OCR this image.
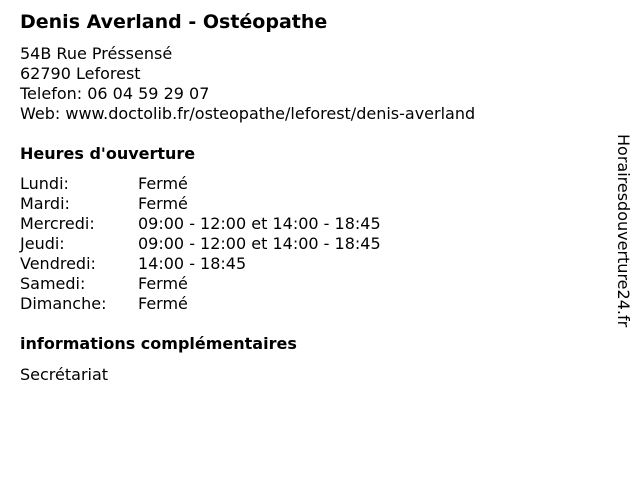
Denis Averland - Ostéopathe
54B Rue Préssensé
62790 Leforest
Telefon: 06 04 59 29 07
Web: www.doctolib.fr/osteopathe/leforest/denis-averland
Heures d'ouverture
Lundi:	Fermé
Mardi:	Fermé
Mercredi:	09:00 - 12:00 et 14:00 - 18:45
Jeudi:	09:00 - 12:00 et 14:00 - 18:45
Vendredi:	14:00 - 18:45
Samedi:	Fermé
Dimanche:	Fermé
informations complémentaires
Secrétariat
Horairesdouverture24.fr
